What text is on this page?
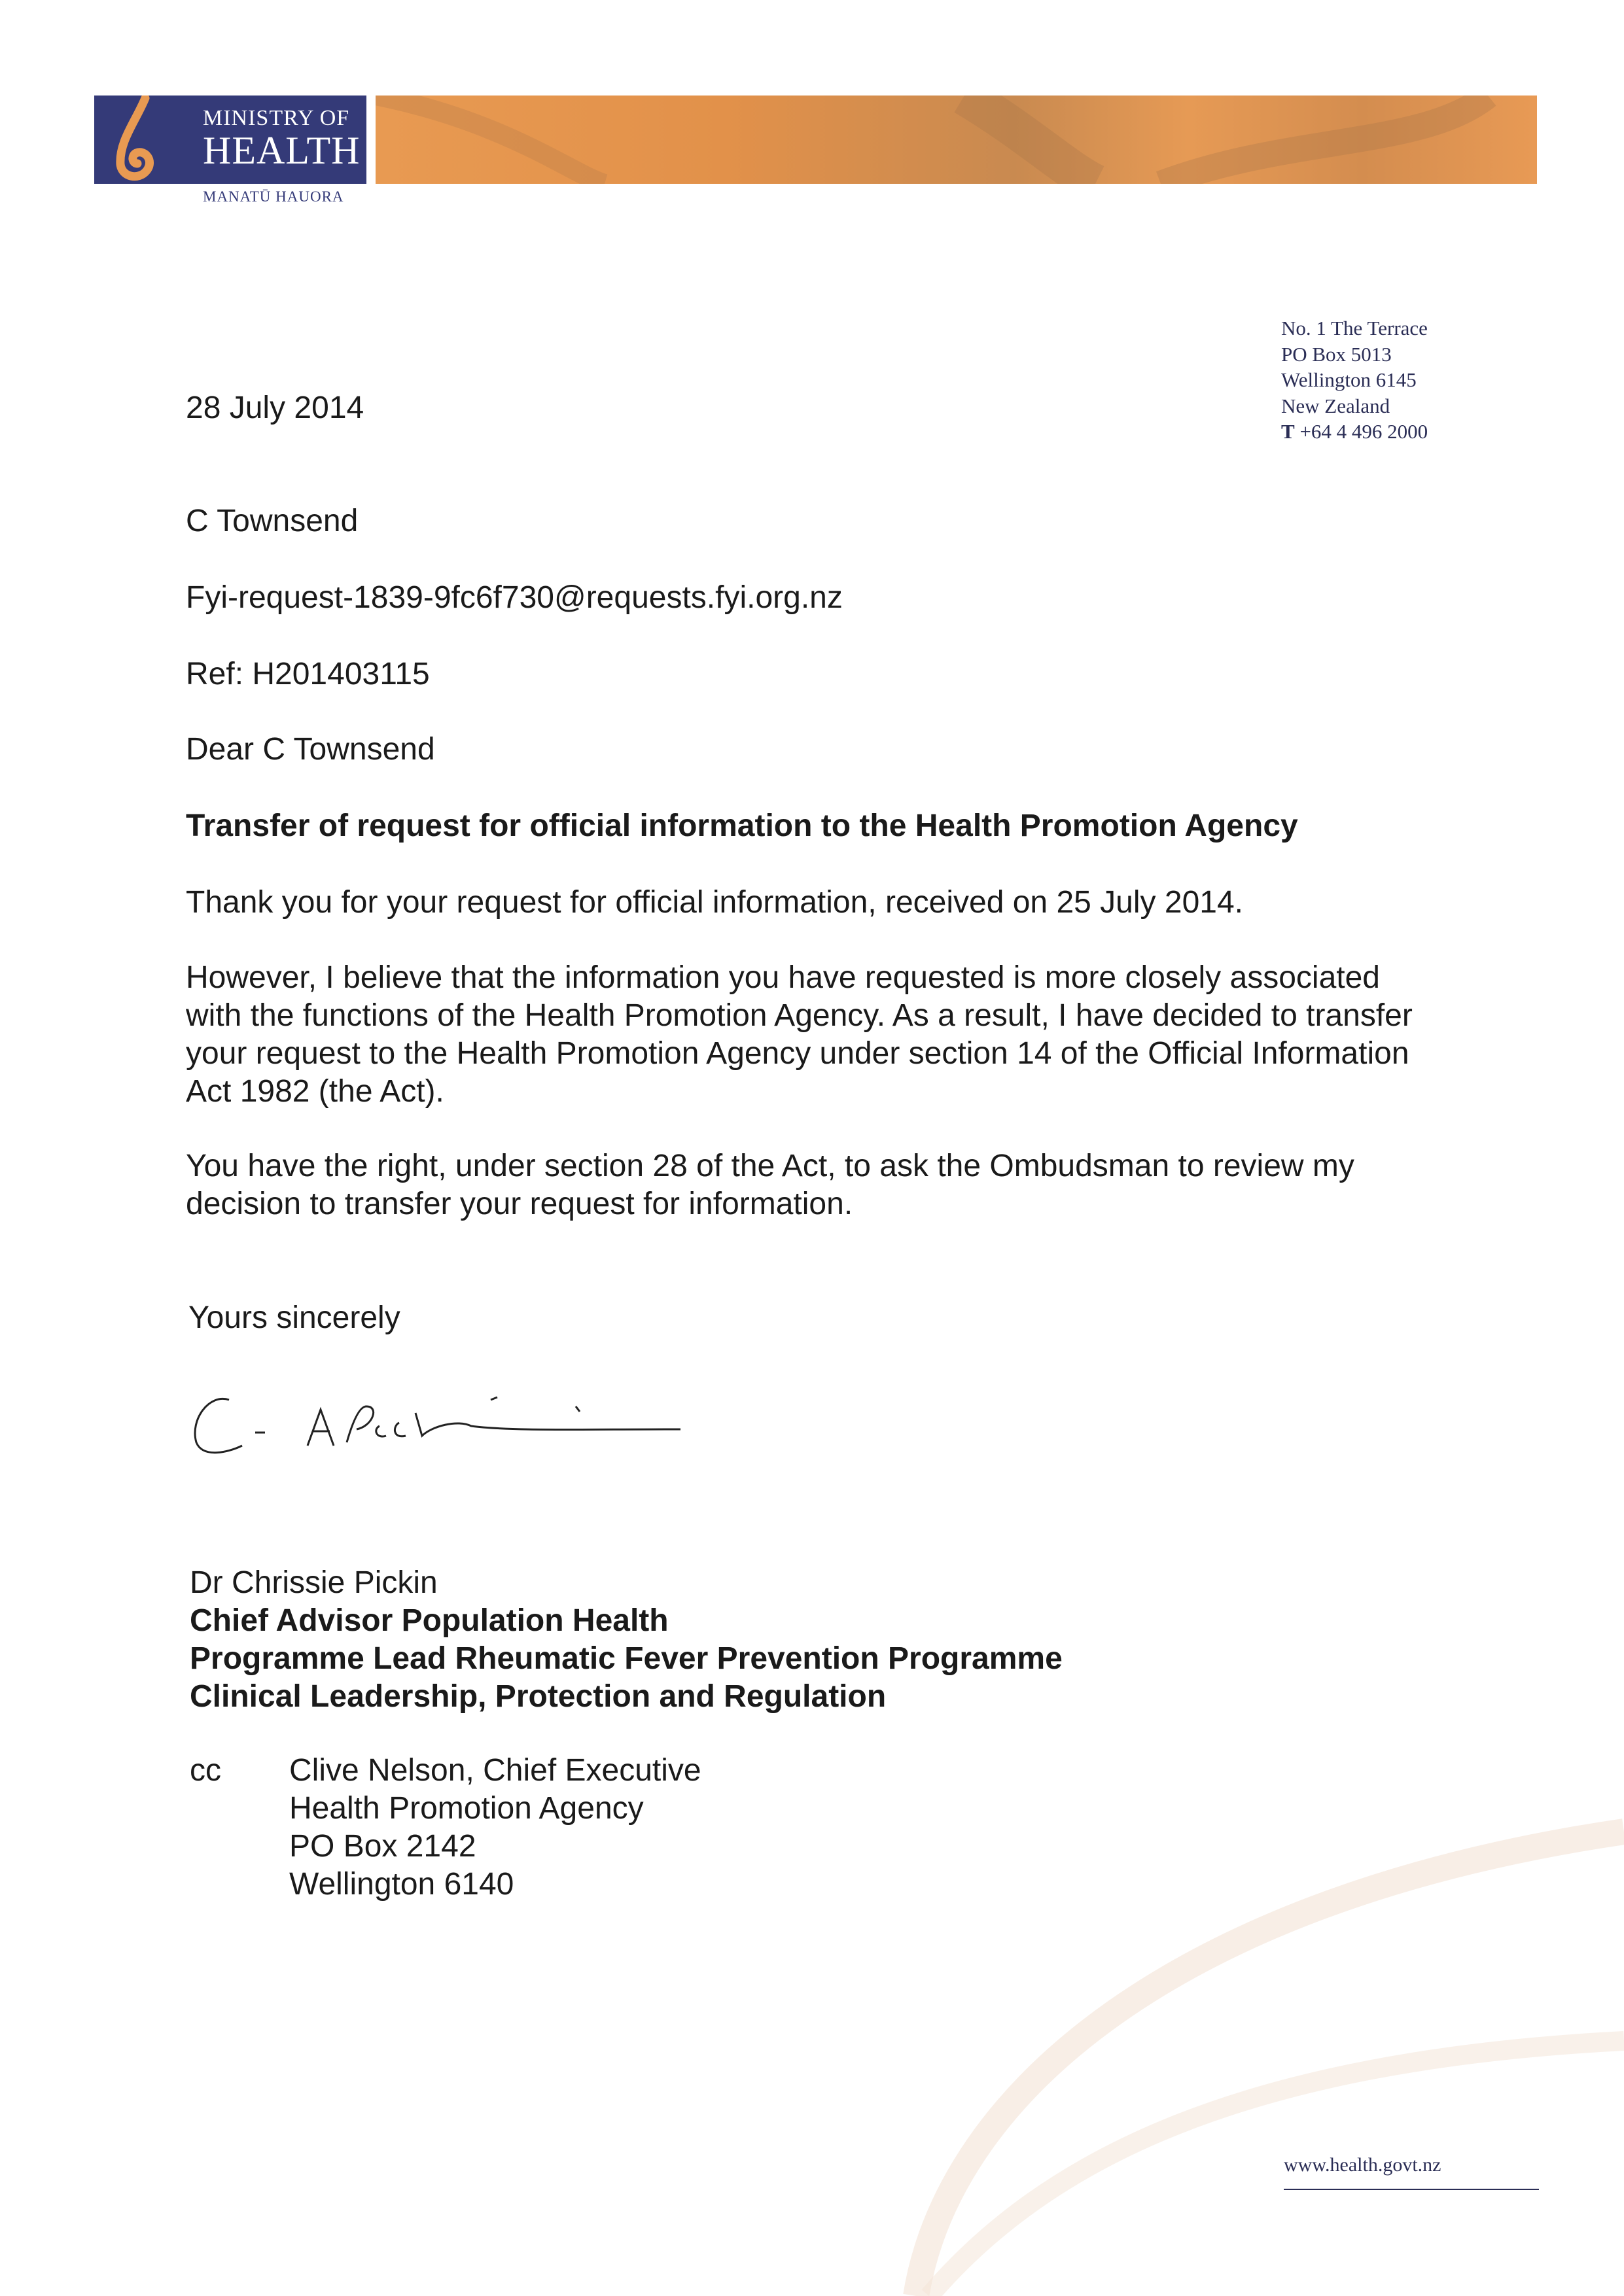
MINISTRY OF
HEALTH
MANATŪ HAUORA
No. 1 The Terrace
PO Box 5013
Wellington 6145
New Zealand
T +64 4 496 2000
28 July 2014
C Townsend
Fyi-request-1839-9fc6f730@requests.fyi.org.nz
Ref: H201403115
Dear C Townsend
Transfer of request for official information to the Health Promotion Agency
Thank you for your request for official information, received on 25 July 2014.
However, I believe that the information you have requested is more closely associated with the functions of the Health Promotion Agency. As a result, I have decided to transfer your request to the Health Promotion Agency under section 14 of the Official Information Act 1982 (the Act).
You have the right, under section 28 of the Act, to ask the Ombudsman to review my decision to transfer your request for information.
Yours sincerely
Dr Chrissie Pickin
Chief Advisor Population Health
Programme Lead Rheumatic Fever Prevention Programme
Clinical Leadership, Protection and Regulation
cc Clive Nelson, Chief Executive
Health Promotion Agency
PO Box 2142
Wellington 6140
www.health.govt.nz
